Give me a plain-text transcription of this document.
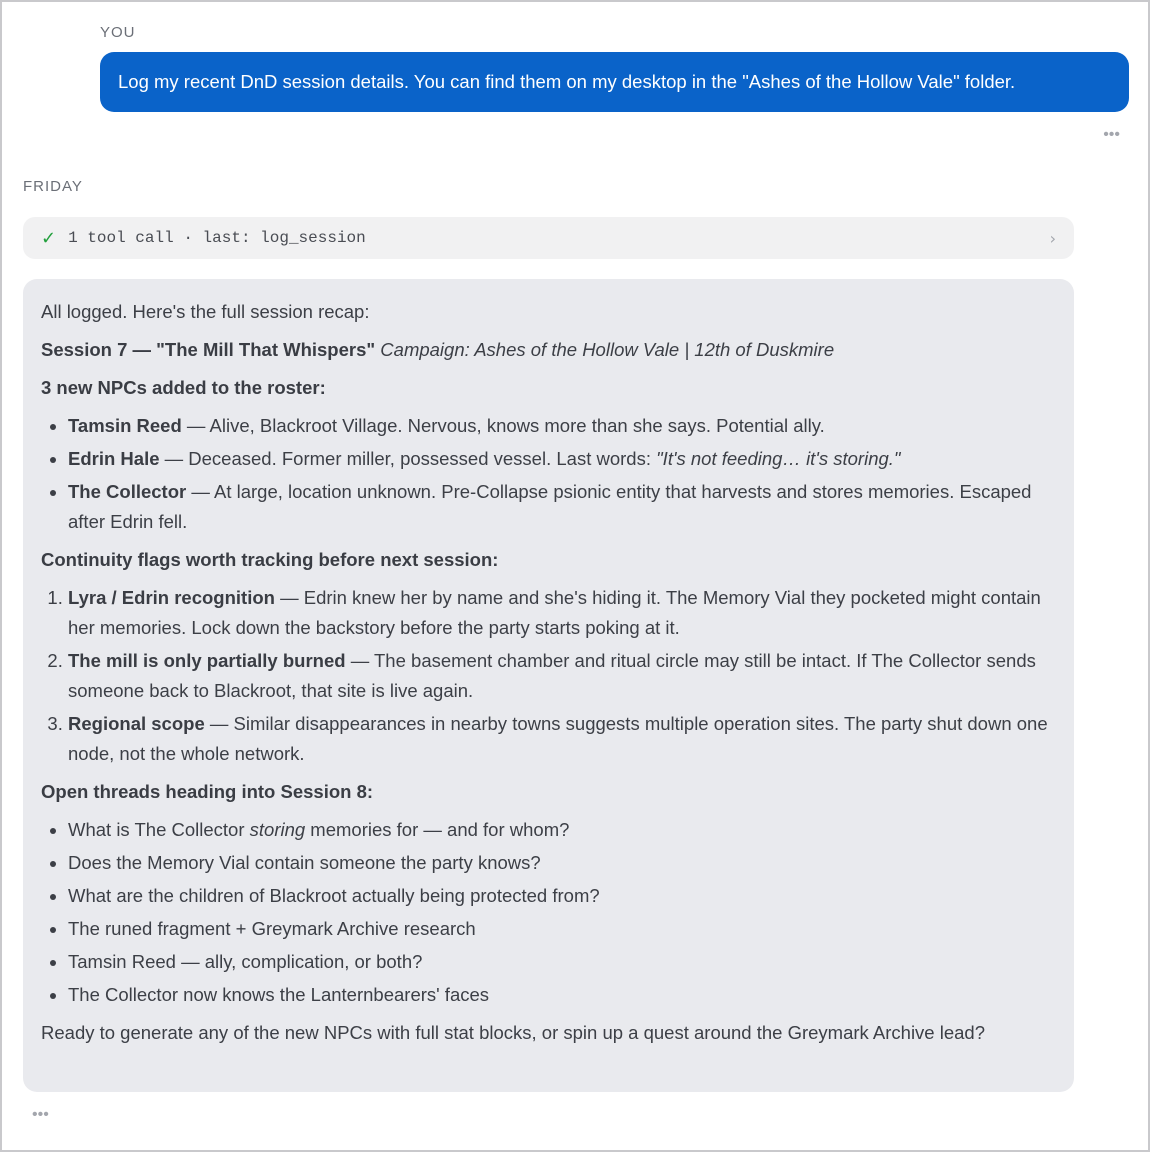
YOU
Log my recent DnD session details. You can find them on my desktop in the "Ashes of the Hollow Vale" folder.
•••
FRIDAY
✓ 1 tool call · last: log_session	›

All logged. Here's the full session recap:

Session 7 — "The Mill That Whispers" Campaign: Ashes of the Hollow Vale | 12th of Duskmire

3 new NPCs added to the roster:

• Tamsin Reed — Alive, Blackroot Village. Nervous, knows more than she says. Potential ally.
• Edrin Hale — Deceased. Former miller, possessed vessel. Last words: "It's not feeding… it's storing."
• The Collector — At large, location unknown. Pre-Collapse psionic entity that harvests and stores memories. Escaped after Edrin fell.

Continuity flags worth tracking before next session:

1. Lyra / Edrin recognition — Edrin knew her by name and she's hiding it. The Memory Vial they pocketed might contain her memories. Lock down the backstory before the party starts poking at it.
2. The mill is only partially burned — The basement chamber and ritual circle may still be intact. If The Collector sends someone back to Blackroot, that site is live again.
3. Regional scope — Similar disappearances in nearby towns suggests multiple operation sites. The party shut down one node, not the whole network.

Open threads heading into Session 8:

• What is The Collector storing memories for — and for whom?
• Does the Memory Vial contain someone the party knows?
• What are the children of Blackroot actually being protected from?
• The runed fragment + Greymark Archive research
• Tamsin Reed — ally, complication, or both?
• The Collector now knows the Lanternbearers' faces

Ready to generate any of the new NPCs with full stat blocks, or spin up a quest around the Greymark Archive lead?

•••
